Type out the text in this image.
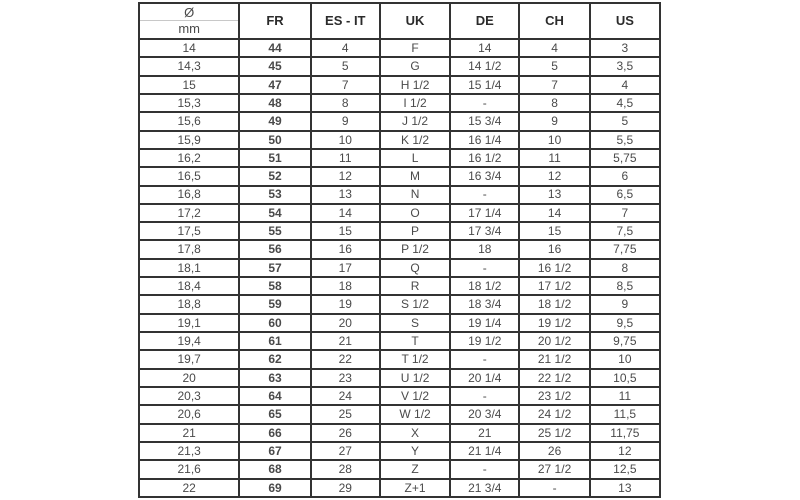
Ø
mm	FR	ES - IT	UK	DE	CH	US
14	44	4	F	14	4	3
14,3	45	5	G	14 1/2	5	3,5
15	47	7	H 1/2	15 1/4	7	4
15,3	48	8	I 1/2	-	8	4,5
15,6	49	9	J 1/2	15 3/4	9	5
15,9	50	10	K 1/2	16 1/4	10	5,5
16,2	51	11	L	16 1/2	11	5,75
16,5	52	12	M	16 3/4	12	6
16,8	53	13	N	-	13	6,5
17,2	54	14	O	17 1/4	14	7
17,5	55	15	P	17 3/4	15	7,5
17,8	56	16	P 1/2	18	16	7,75
18,1	57	17	Q	-	16 1/2	8
18,4	58	18	R	18 1/2	17 1/2	8,5
18,8	59	19	S 1/2	18 3/4	18 1/2	9
19,1	60	20	S	19 1/4	19 1/2	9,5
19,4	61	21	T	19 1/2	20 1/2	9,75
19,7	62	22	T 1/2	-	21 1/2	10
20	63	23	U 1/2	20 1/4	22 1/2	10,5
20,3	64	24	V 1/2	-	23 1/2	11
20,6	65	25	W 1/2	20 3/4	24 1/2	11,5
21	66	26	X	21	25 1/2	11,75
21,3	67	27	Y	21 1/4	26	12
21,6	68	28	Z	-	27 1/2	12,5
22	69	29	Z+1	21 3/4	-	13
